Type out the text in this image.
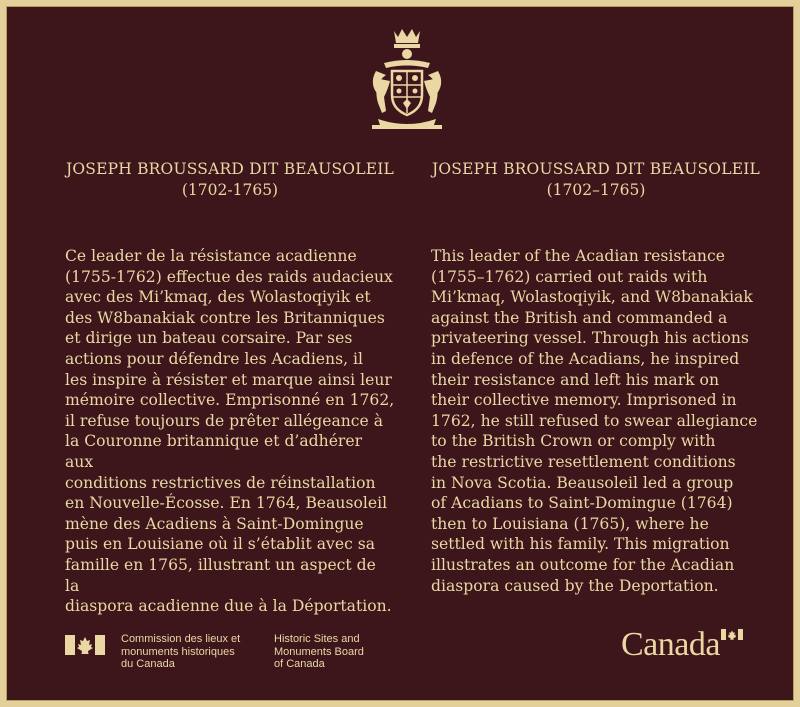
JOSEPH BROUSSARD DIT BEAUSOLEIL

(1702-1765)

Ce leader de la résistance acadienne
(1755-1762) effectue des raids audacieux
avec des Mi’kmaq, des Wolastoqiyik et
des W8banakiak contre les Britanniques
et dirige un bateau corsaire. Par ses
actions pour défendre les Acadiens, il
les inspire à résister et marque ainsi leur
mémoire collective. Emprisonné en 1762,
il refuse toujours de prêter allégeance à
la Couronne britannique et d’adhérer aux
conditions restrictives de réinstallation
en Nouvelle-Écosse. En 1764, Beausoleil
mène des Acadiens à Saint-Domingue
puis en Louisiane où il s’établit avec sa
famille en 1765, illustrant un aspect de la
diaspora acadienne due à la Déportation.

JOSEPH BROUSSARD DIT BEAUSOLEIL

(1702–1765)

This leader of the Acadian resistance
(1755–1762) carried out raids with
Mi’kmaq, Wolastoqiyik, and W8banakiak
against the British and commanded a
privateering vessel. Through his actions
in defence of the Acadians, he inspired
their resistance and left his mark on
their collective memory. Imprisoned in
1762, he still refused to swear allegiance
to the British Crown or comply with
the restrictive resettlement conditions
in Nova Scotia. Beausoleil led a group
of Acadians to Saint-Domingue (1764)
then to Louisiana (1765), where he
settled with his family. This migration
illustrates an outcome for the Acadian
diaspora caused by the Deportation.

Commission des lieux et
monuments historiques
du Canada
Historic Sites and
Monuments Board
of Canada
Canada
